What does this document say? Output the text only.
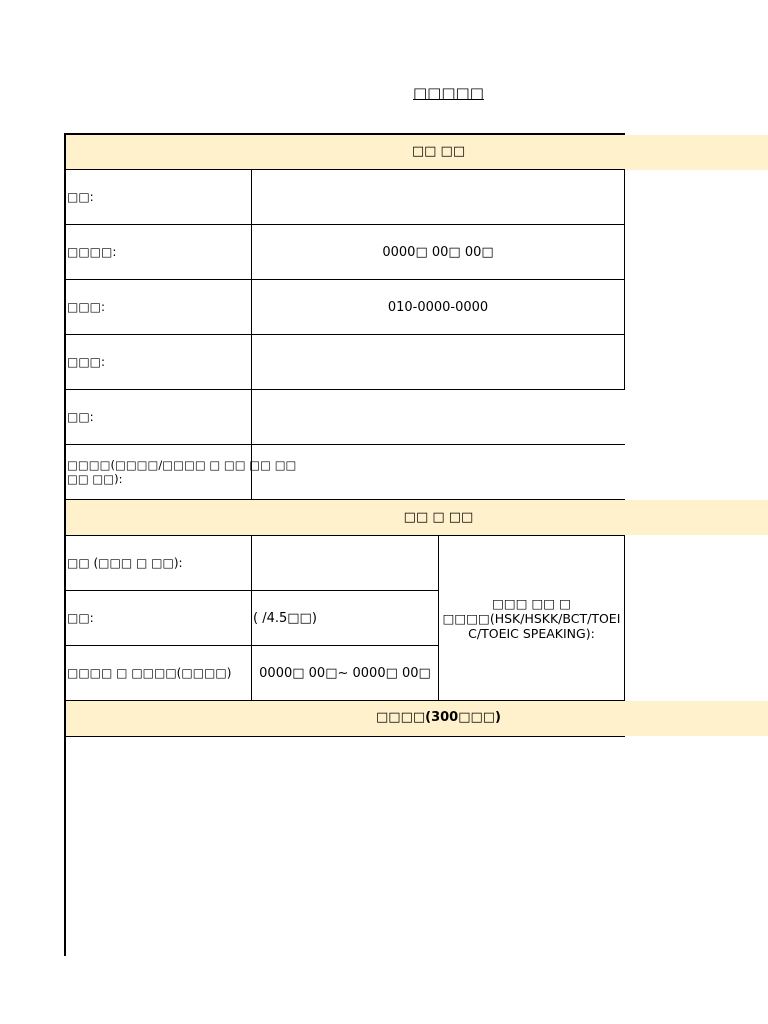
□□□□□
□□ □□
□□:
□□□□:	0000□ 00□ 00□
□□□:	010-0000-0000
□□□:
□□:
□□□□(□□□□/□□□□ □ □□ □□ □□
□□ □□):
□□ □ □□
□□ (□□□ □ □□):
□□:	( /4.5□□)
□□□□ □ □□□□(□□□□)	0000□ 00□~ 0000□ 00□
□□□ □□ □
□□□□(HSK/HSKK/BCT/TOEI
C/TOEIC SPEAKING):
□□□□(300□□□)
